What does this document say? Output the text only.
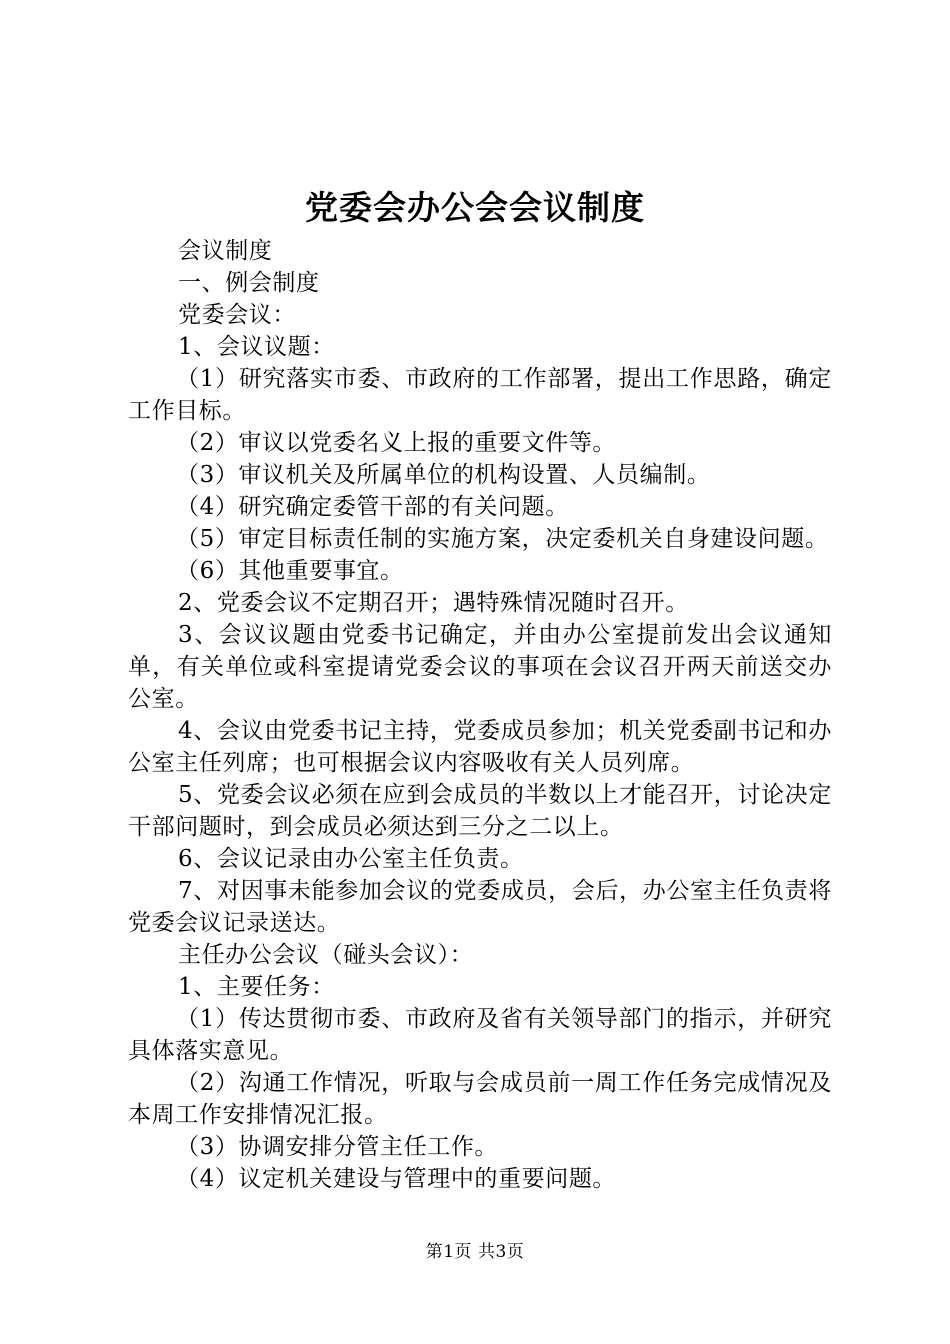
党委会办公会会议制度

会议制度

一、例会制度

党委会议：

1、会议议题：

（1）研究落实市委、市政府的工作部署，提出工作思路，确定工作目标。

（2）审议以党委名义上报的重要文件等。

（3）审议机关及所属单位的机构设置、人员编制。

（4）研究确定委管干部的有关问题。

（5）审定目标责任制的实施方案，决定委机关自身建设问题。

（6）其他重要事宜。

2、党委会议不定期召开；遇特殊情况随时召开。

3、会议议题由党委书记确定，并由办公室提前发出会议通知单，有关单位或科室提请党委会议的事项在会议召开两天前送交办公室。

4、会议由党委书记主持，党委成员参加；机关党委副书记和办公室主任列席；也可根据会议内容吸收有关人员列席。

5、党委会议必须在应到会成员的半数以上才能召开，讨论决定干部问题时，到会成员必须达到三分之二以上。

6、会议记录由办公室主任负责。

7、对因事未能参加会议的党委成员，会后，办公室主任负责将党委会议记录送达。

主任办公会议（碰头会议）：

1、主要任务：

（1）传达贯彻市委、市政府及省有关领导部门的指示，并研究具体落实意见。

（2）沟通工作情况，听取与会成员前一周工作任务完成情况及本周工作安排情况汇报。

（3）协调安排分管主任工作。

（4）议定机关建设与管理中的重要问题。

第1页 共3页
